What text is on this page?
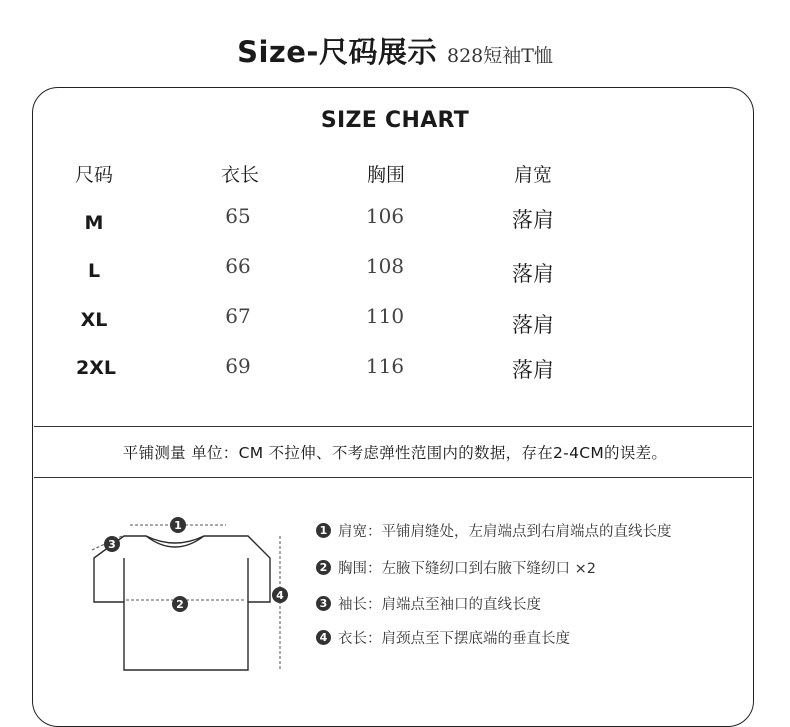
Size-尺码展示 828短袖T恤
SIZE CHART
尺码	衣长	胸围	肩宽
M	65	106	落肩
L	66	108	落肩
XL	67	110	落肩
2XL	69	116	落肩
平铺测量 单位：CM 不拉伸、不考虑弹性范围内的数据，存在2-4CM的误差。
1
2
3
4
1 肩宽：平铺肩缝处，左肩端点到右肩端点的直线长度
2 胸围：左腋下缝纫口到右腋下缝纫口 ×2
3 袖长：肩端点至袖口的直线长度
4 衣长：肩颈点至下摆底端的垂直长度
